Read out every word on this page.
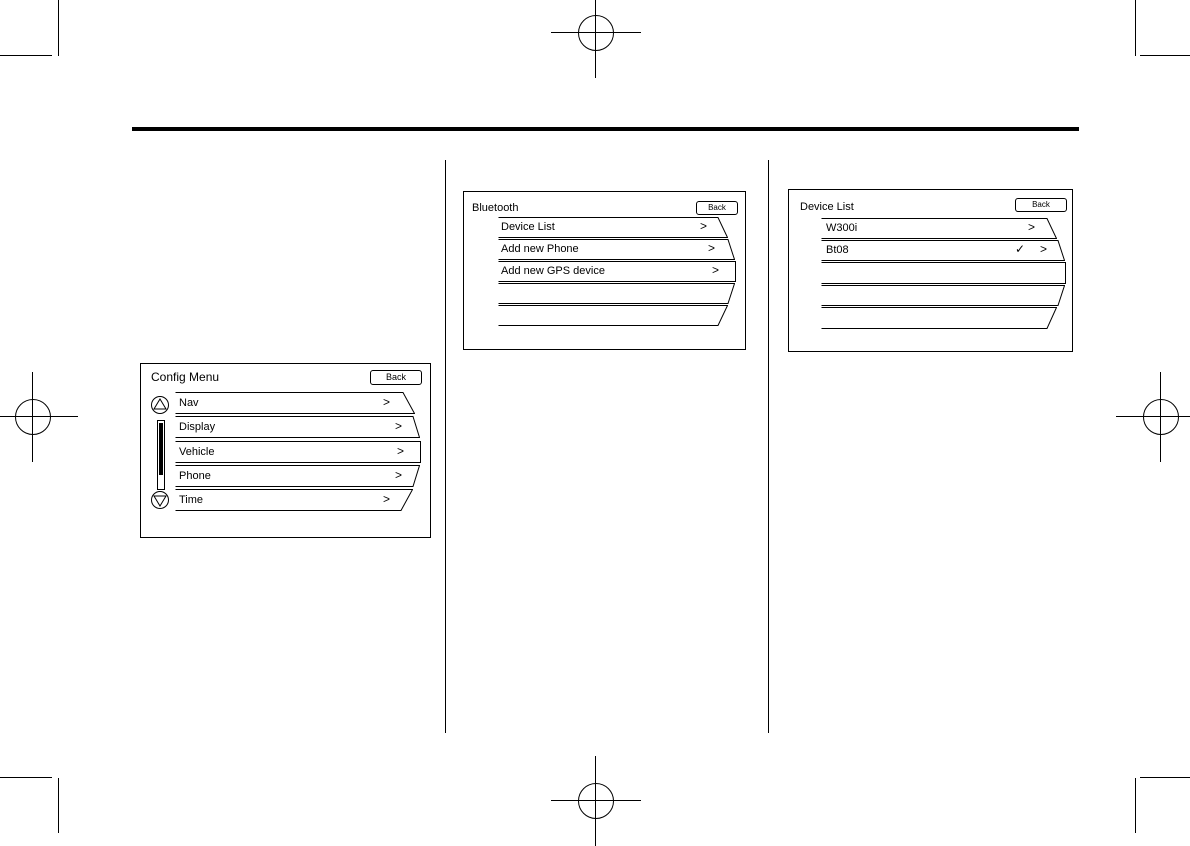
Config Menu	Back
Nav	>
Display	>
Vehicle	>
Phone	>
Time	>
Bluetooth	Back
Device List	>
Add new Phone	>
Add new GPS device	>
Device List	Back
W300i	>
Bt08	✓ >
